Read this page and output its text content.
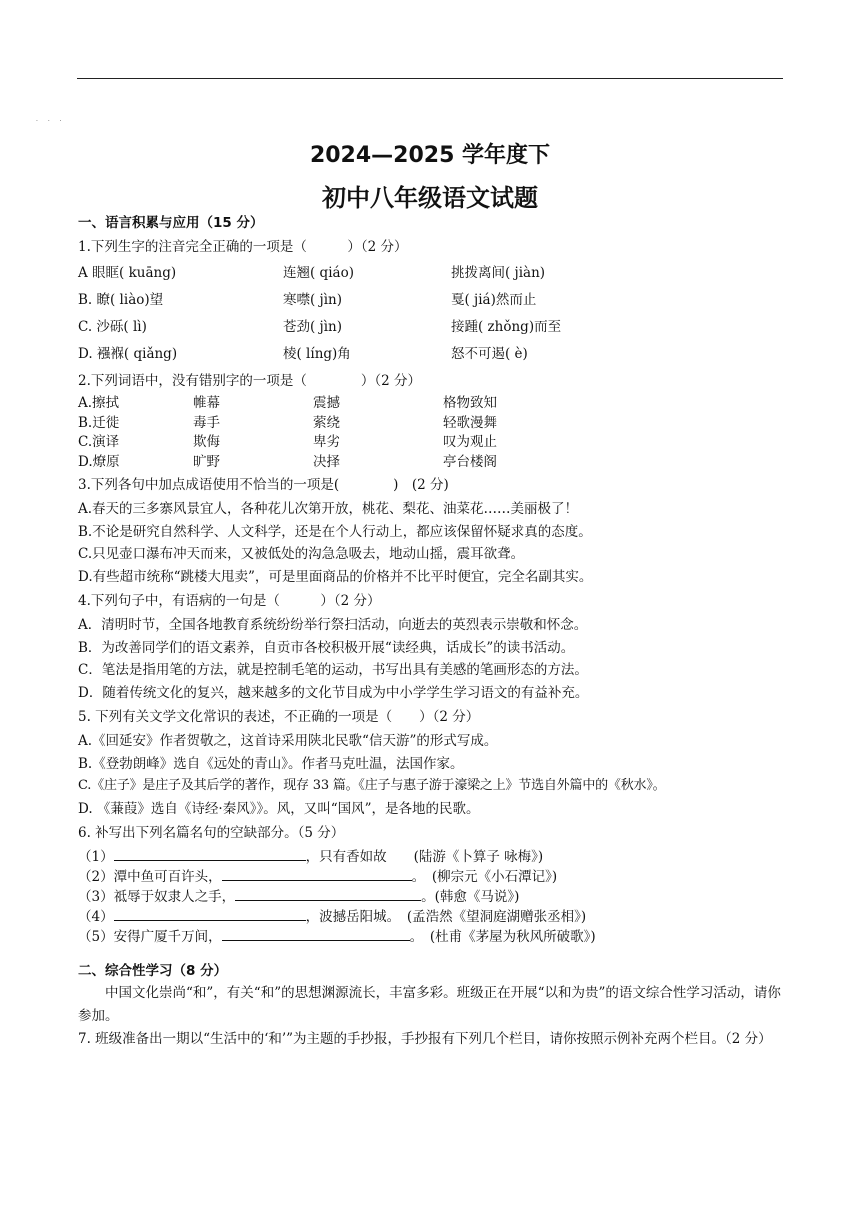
. . .
2024—2025 学年度下
初中八年级语文试题

一、语言积累与应用（15 分）

1.下列生字的注音完全正确的一项是（　　　）（2 分）

A 眼眶( kuāng)	连翘( qiáo)	挑拨离间( jiàn)
B. 瞭( liào)望	寒噤( jìn)	戛( jiá)然而止
C. 沙砾( lì)	苍劲( jìn)	接踵( zhǒng)而至
D. 襁褓( qiǎng)	棱( líng)角	怒不可遏( è)

2.下列词语中，没有错别字的一项是（　　　　）（2 分）

A.擦拭	帷幕	震撼	格物致知
B.迁徙	毒手	萦绕	轻歌漫舞
C.演译	欺侮	卑劣	叹为观止
D.燎原	旷野	决择	亭台楼阁

3.下列各句中加点成语使用不恰当的一项是(　　　　)　(2 分)

A.春天的三多寨风景宜人，各种花儿次第开放，桃花、梨花、油菜花……美丽极了！

B.不论是研究自然科学、人文科学，还是在个人行动上，都应该保留怀疑求真的态度。

C.只见壶口瀑布冲天而来，又被低处的沟急急吸去，地动山摇，震耳欲聋。

D.有些超市统称“跳楼大甩卖”，可是里面商品的价格并不比平时便宜，完全名副其实。

4.下列句子中，有语病的一句是（　　　）（2 分）

A．清明时节，全国各地教育系统纷纷举行祭扫活动，向逝去的英烈表示崇敬和怀念。

B．为改善同学们的语文素养，自贡市各校积极开展“读经典，话成长”的读书活动。

C．笔法是指用笔的方法，就是控制毛笔的运动，书写出具有美感的笔画形态的方法。

D．随着传统文化的复兴，越来越多的文化节目成为中小学学生学习语文的有益补充。

5. 下列有关文学文化常识的表述，不正确的一项是（　　）（2 分）

A.《回延安》作者贺敬之，这首诗采用陕北民歌“信天游”的形式写成。

B.《登勃朗峰》选自《远处的青山》。作者马克吐温，法国作家。

C.《庄子》是庄子及其后学的著作，现存 33 篇。《庄子与惠子游于濠梁之上》节选自外篇中的《秋水》。

D. 《蒹葭》选自《诗经·秦风》》。风，又叫“国风”，是各地的民歌。

6. 补写出下列名篇名句的空缺部分。（5 分）

（1）	，只有香如故　　 (陆游《卜算子 咏梅》)

（2）潭中鱼可百许头，	。　 (柳宗元《小石潭记》)

（3）祗辱于奴隶人之手，	。(韩愈《马说》)

（4）	，波撼岳阳城。　 (孟浩然《望洞庭湖赠张丞相》)

（5）安得广厦千万间，	。　 (杜甫《茅屋为秋风所破歌》)

二、综合性学习（8 分）

中国文化崇尚“和”，有关“和”的思想渊源流长，丰富多彩。班级正在开展“以和为贵”的语文综合性学习活动，请你参加。

7. 班级准备出一期以“生活中的‘和’”为主题的手抄报，手抄报有下列几个栏目，请你按照示例补充两个栏目。（2 分）
